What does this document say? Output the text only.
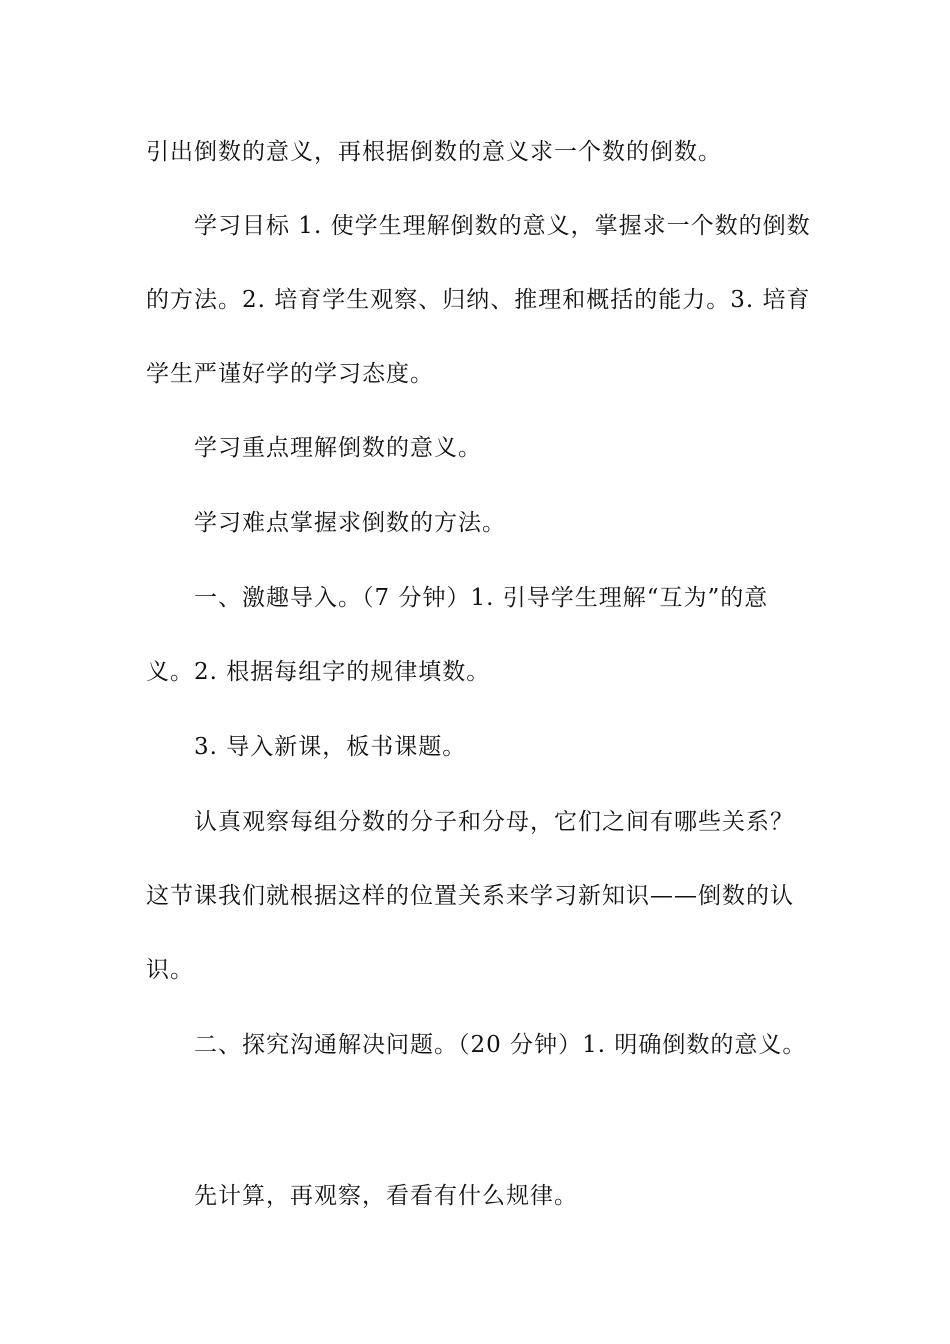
引出倒数的意义，再根据倒数的意义求一个数的倒数。
学习目标 1. 使学生理解倒数的意义，掌握求一个数的倒数
的方法。2. 培育学生观察、归纳、推理和概括的能力。3. 培育
学生严谨好学的学习态度。
学习重点理解倒数的意义。
学习难点掌握求倒数的方法。
一、激趣导入。（7 分钟）1. 引导学生理解“互为”的意
义。2. 根据每组字的规律填数。
3. 导入新课，板书课题。
认真观察每组分数的分子和分母，它们之间有哪些关系？
这节课我们就根据这样的位置关系来学习新知识——倒数的认
识。
二、探究沟通解决问题。（20 分钟）1. 明确倒数的意义。
先计算，再观察，看看有什么规律。
